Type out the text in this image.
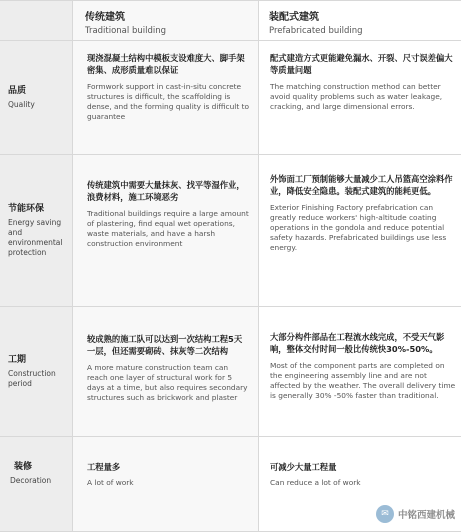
传统建筑
Traditional building
装配式建筑
Prefabricated building
品质
Quality

现浇混凝土结构中模板支设难度大、脚手架密集、成形质量难以保证

Formwork support in cast-in-situ concrete structures is difficult, the scaffolding is dense, and the forming quality is difficult to guarantee

配式建造方式更能避免漏水、开裂、尺寸误差偏大等质量问题

The matching construction method can better avoid quality problems such as water leakage, cracking, and large dimensional errors.

节能环保
Energy saving and environmental protection

传统建筑中需要大量抹灰、找平等湿作业，浪费材料，施工环境恶劣

Traditional buildings require a large amount of plastering, find equal wet operations, waste materials, and have a harsh construction environment

外饰面工厂预制能够大量减少工人吊篮高空涂料作业，降低安全隐患。装配式建筑的能耗更低。

Exterior Finishing Factory prefabrication can greatly reduce workers' high-altitude coating operations in the gondola and reduce potential safety hazards. Prefabricated buildings use less energy.

工期
Construction period

较成熟的施工队可以达到一次结构工程5天一层，但还需要砌砖、抹灰等二次结构

A more mature construction team can reach one layer of structural work for 5 days at a time, but also requires secondary structures such as brickwork and plaster

大部分构件部品在工程流水线完成，不受天气影响，整体交付时间一般比传统快30%-50%。

Most of the component parts are completed on the engineering assembly line and are not affected by the weather. The overall delivery time is generally 30% -50% faster than traditional.

装修
Decoration

工程量多

A lot of work

可减少大量工程量

Can reduce a lot of work

✉ 中铭西建机械
